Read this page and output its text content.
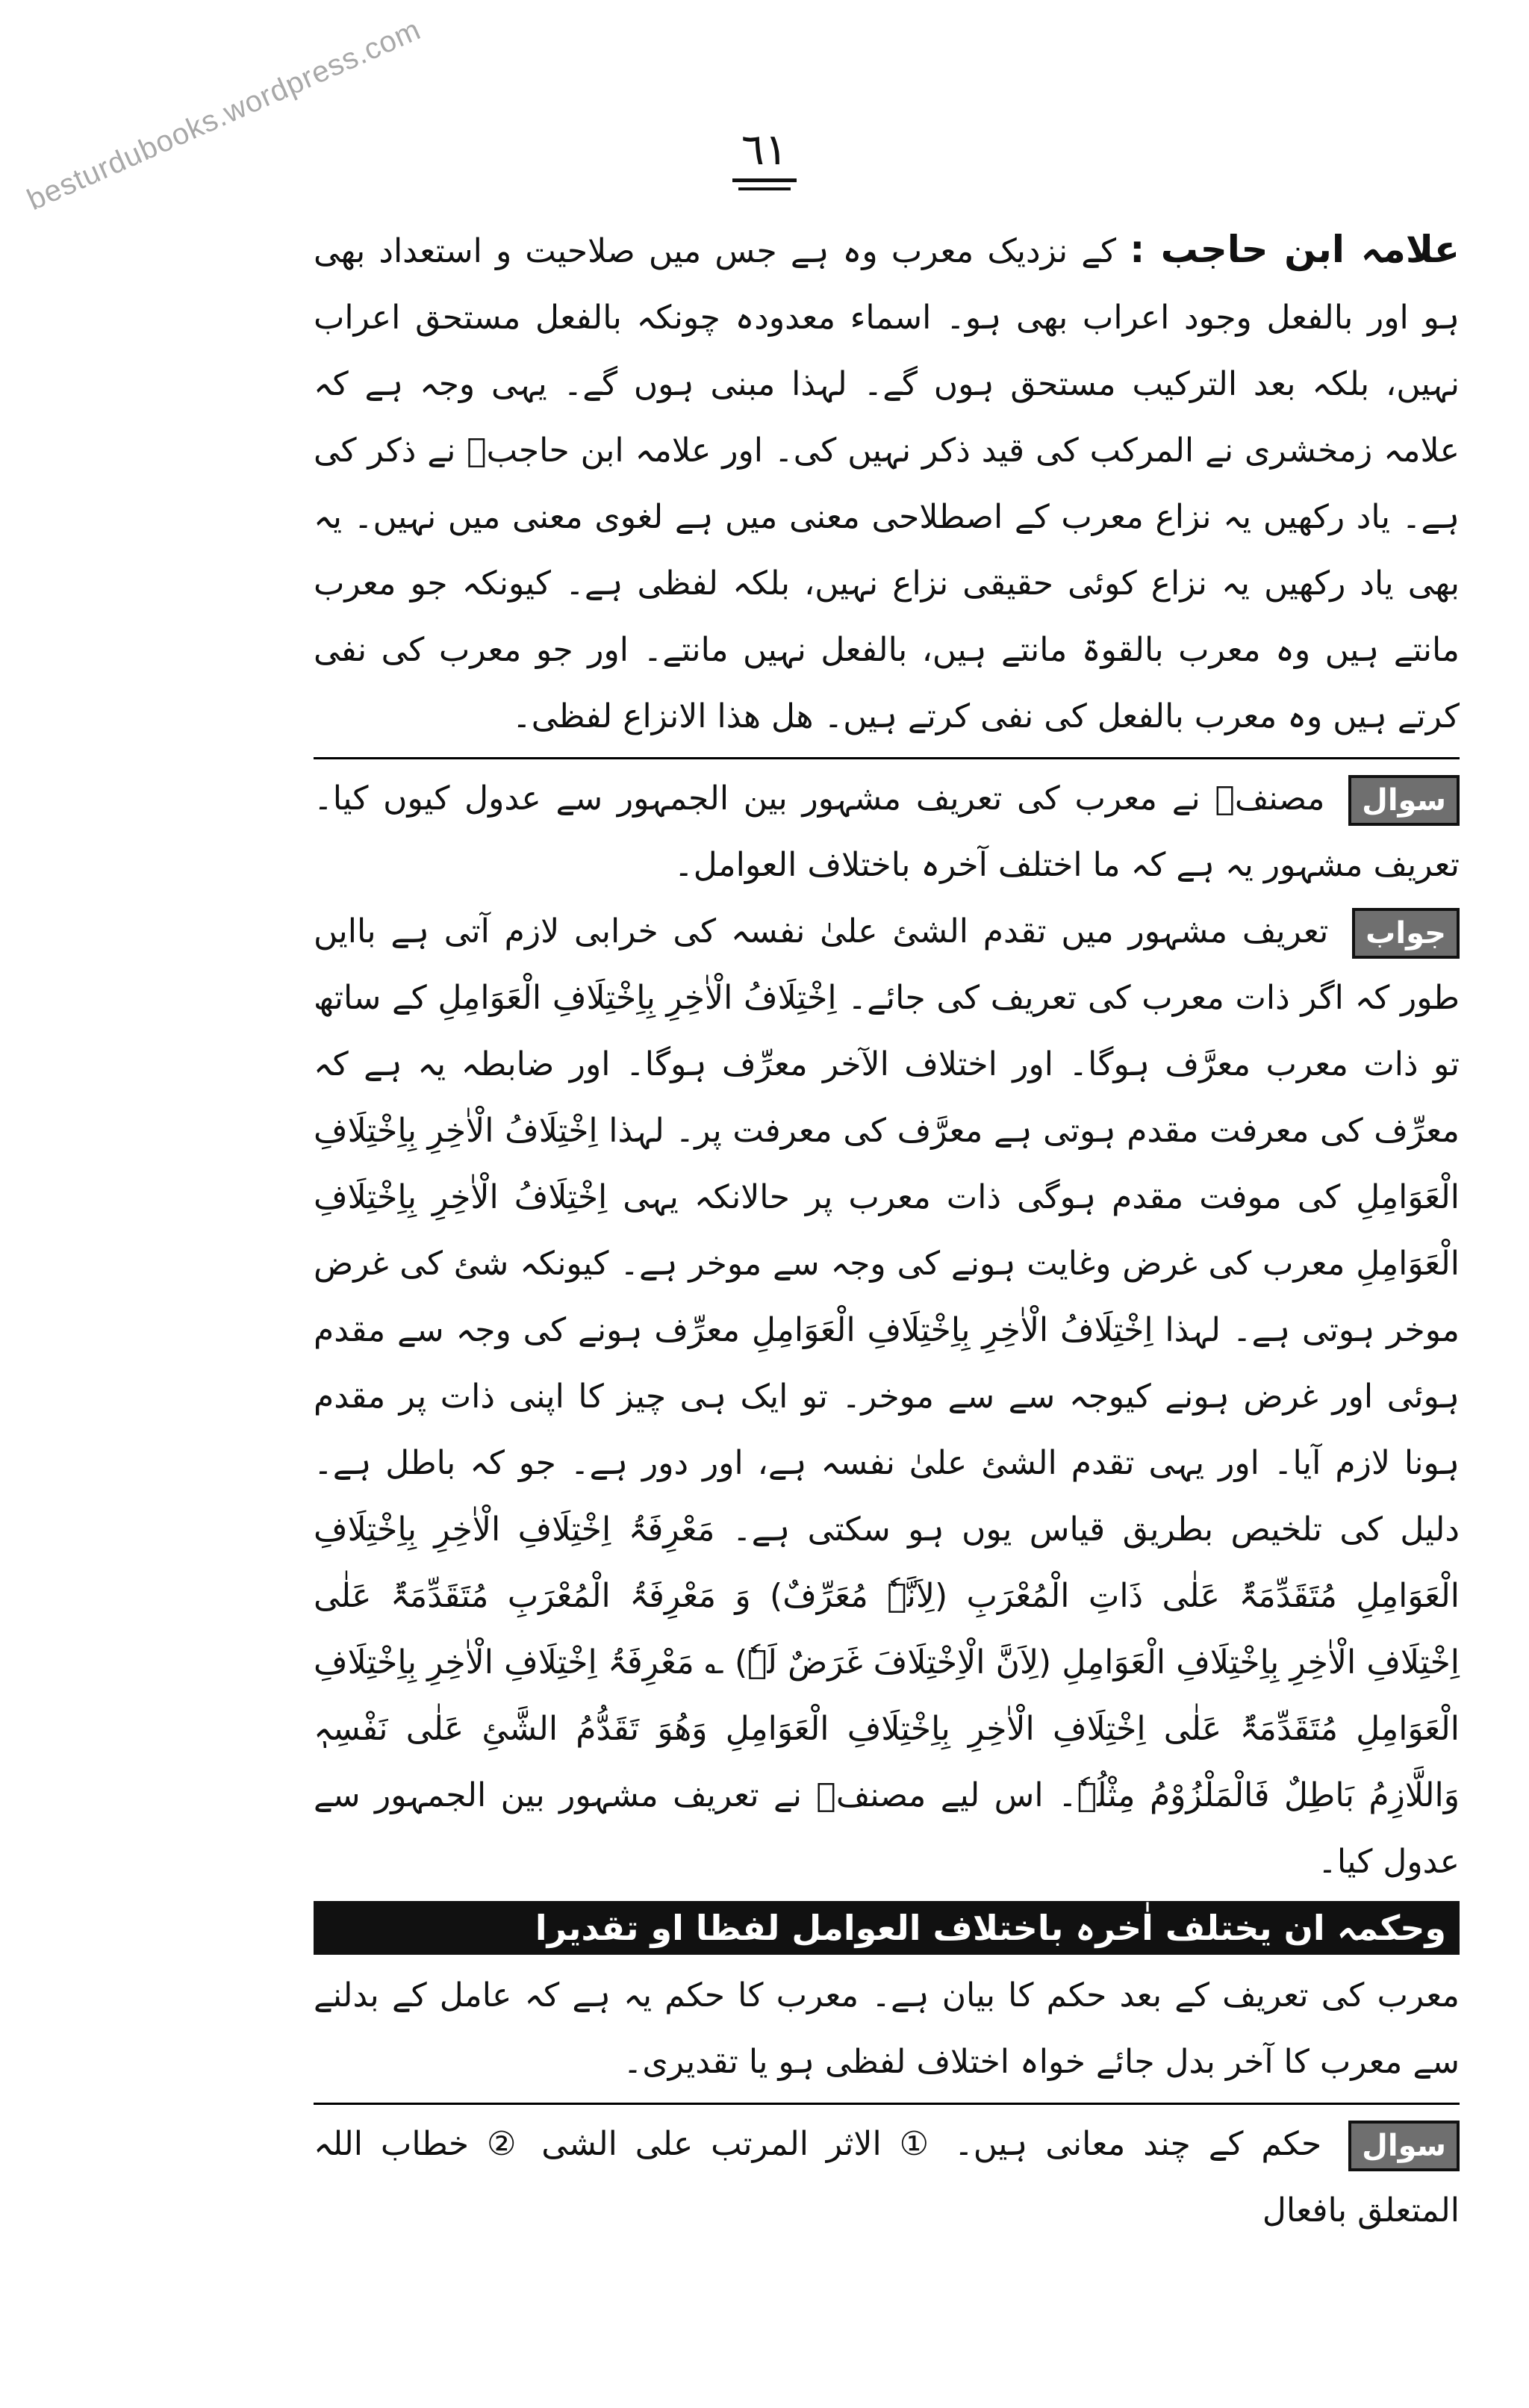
besturdubooks.wordpress.com	٦١

علامہ ابن حاجب : کے نزدیک معرب وہ ہے جس میں صلاحیت و استعداد بھی ہو اور بالفعل وجود اعراب بھی ہو۔ اسماء معدودہ چونکہ بالفعل مستحق اعراب نہیں، بلکہ بعد الترکیب مستحق ہوں گے۔ لہذا مبنی ہوں گے۔ یہی وجہ ہے کہ علامہ زمخشری نے المرکب کی قید ذکر نہیں کی۔ اور علامہ ابن حاجبؒ نے ذکر کی ہے۔ یاد رکھیں یہ نزاع معرب کے اصطلاحی معنی میں ہے لغوی معنی میں نہیں۔ یہ بھی یاد رکھیں یہ نزاع کوئی حقیقی نزاع نہیں، بلکہ لفظی ہے۔ کیونکہ جو معرب مانتے ہیں وہ معرب بالقوۃ مانتے ہیں، بالفعل نہیں مانتے۔ اور جو معرب کی نفی کرتے ہیں وہ معرب بالفعل کی نفی کرتے ہیں۔ ھل ھذا الانزاع لفظی۔

سوال مصنفؒ نے معرب کی تعریف مشہور بین الجمہور سے عدول کیوں کیا۔ تعریف مشہور یہ ہے کہ ما اختلف آخرہ باختلاف العوامل۔

جواب تعریف مشہور میں تقدم الشئ علیٰ نفسہ کی خرابی لازم آتی ہے باایں طور کہ اگر ذات معرب کی تعریف کی جائے۔ اِخْتِلَافُ الْاٰخِرِ بِاِخْتِلَافِ الْعَوَامِلِ کے ساتھ تو ذات معرب معرَّف ہوگا۔ اور اختلاف الآخر معرِّف ہوگا۔ اور ضابطہ یہ ہے کہ معرِّف کی معرفت مقدم ہوتی ہے معرَّف کی معرفت پر۔ لہذا اِخْتِلَافُ الْاٰخِرِ بِاِخْتِلَافِ الْعَوَامِلِ کی موفت مقدم ہوگی ذات معرب پر حالانکہ یہی اِخْتِلَافُ الْاٰخِرِ بِاِخْتِلَافِ الْعَوَامِلِ معرب کی غرض وغایت ہونے کی وجہ سے موخر ہے۔ کیونکہ شئ کی غرض موخر ہوتی ہے۔ لہذا اِخْتِلَافُ الْاٰخِرِ بِاِخْتِلَافِ الْعَوَامِلِ معرِّف ہونے کی وجہ سے مقدم ہوئی اور غرض ہونے کیوجہ سے سے موخر۔ تو ایک ہی چیز کا اپنی ذات پر مقدم ہونا لازم آیا۔ اور یہی تقدم الشئ علیٰ نفسہ ہے، اور دور ہے۔ جو کہ باطل ہے۔ دلیل کی تلخیص بطریق قیاس یوں ہو سکتی ہے۔ مَعْرِفَۃُ اِخْتِلَافِ الْاٰخِرِ بِاِخْتِلَافِ الْعَوَامِلِ مُتَقَدِّمَۃٌ عَلٰی ذَاتِ الْمُعْرَبِ (لِاَنَّہٗ مُعَرِّفٌ) وَ مَعْرِفَۃُ الْمُعْرَبِ مُتَقَدِّمَۃٌ عَلٰی اِخْتِلَافِ الْاٰخِرِ بِاِخْتِلَافِ الْعَوَامِلِ (لِاَنَّ الْاِخْتِلَافَ غَرَضٌ لَہٗ) ؎ مَعْرِفَۃُ اِخْتِلَافِ الْاٰخِرِ بِاِخْتِلَافِ الْعَوَامِلِ مُتَقَدِّمَۃٌ عَلٰی اِخْتِلَافِ الْاٰخِرِ بِاِخْتِلَافِ الْعَوَامِلِ وَھُوَ تَقَدُّمُ الشَّئِ عَلٰی نَفْسِہٖ وَاللَّازِمُ بَاطِلٌ فَالْمَلْزُوْمُ مِثْلُہٗ۔ اس لیے مصنفؒ نے تعریف مشہور بین الجمہور سے عدول کیا۔

وحکمہ ان یختلف اٰخرہ باختلاف العوامل لفظا او تقدیرا

معرب کی تعریف کے بعد حکم کا بیان ہے۔ معرب کا حکم یہ ہے کہ عامل کے بدلنے سے معرب کا آخر بدل جائے خواہ اختلاف لفظی ہو یا تقدیری۔

سوال حکم کے چند معانی ہیں۔ ① الاثر المرتب علی الشی ② خطاب اللہ المتعلق بافعال
